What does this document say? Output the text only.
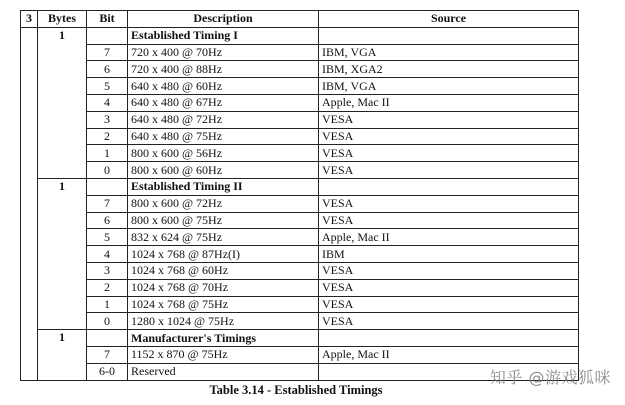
3	Bytes	Bit	Description	Source
	1		Established Timing I	
		7	720 x 400 @ 70Hz	IBM, VGA
		6	720 x 400 @ 88Hz	IBM, XGA2
		5	640 x 480 @ 60Hz	IBM, VGA
		4	640 x 480 @ 67Hz	Apple, Mac II
		3	640 x 480 @ 72Hz	VESA
		2	640 x 480 @ 75Hz	VESA
		1	800 x 600 @ 56Hz	VESA
		0	800 x 600 @ 60Hz	VESA
	1		Established Timing II	
		7	800 x 600 @ 72Hz	VESA
		6	800 x 600 @ 75Hz	VESA
		5	832 x 624 @ 75Hz	Apple, Mac II
		4	1024 x 768 @ 87Hz(I)	IBM
		3	1024 x 768 @ 60Hz	VESA
		2	1024 x 768 @ 70Hz	VESA
		1	1024 x 768 @ 75Hz	VESA
		0	1280 x 1024 @ 75Hz	VESA
	1		Manufacturer's Timings	
		7	1152 x 870 @ 75Hz	Apple, Mac II
		6-0	Reserved	
Table 3.14 - Established Timings
知乎 @游戏狐咪
